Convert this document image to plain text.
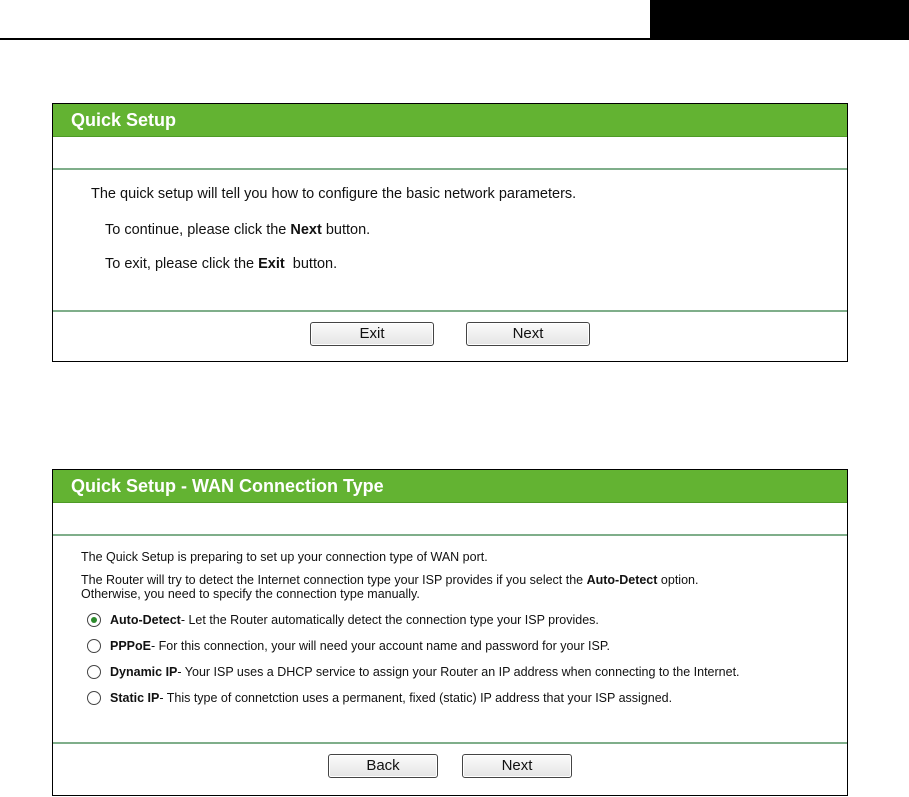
Quick Setup
The quick setup will tell you how to configure the basic network parameters.
To continue, please click the Next button.
To exit, please click the Exit  button.
Exit	Next
Quick Setup - WAN Connection Type
The Quick Setup is preparing to set up your connection type of WAN port.
The Router will try to detect the Internet connection type your ISP provides if you select the Auto-Detect option.
Otherwise, you need to specify the connection type manually.
Auto-Detect - Let the Router automatically detect the connection type your ISP provides.
PPPoE - For this connection, your will need your account name and password for your ISP.
Dynamic IP - Your ISP uses a DHCP service to assign your Router an IP address when connecting to the Internet.
Static IP - This type of connetction uses a permanent, fixed (static) IP address that your ISP assigned.
Back	Next
